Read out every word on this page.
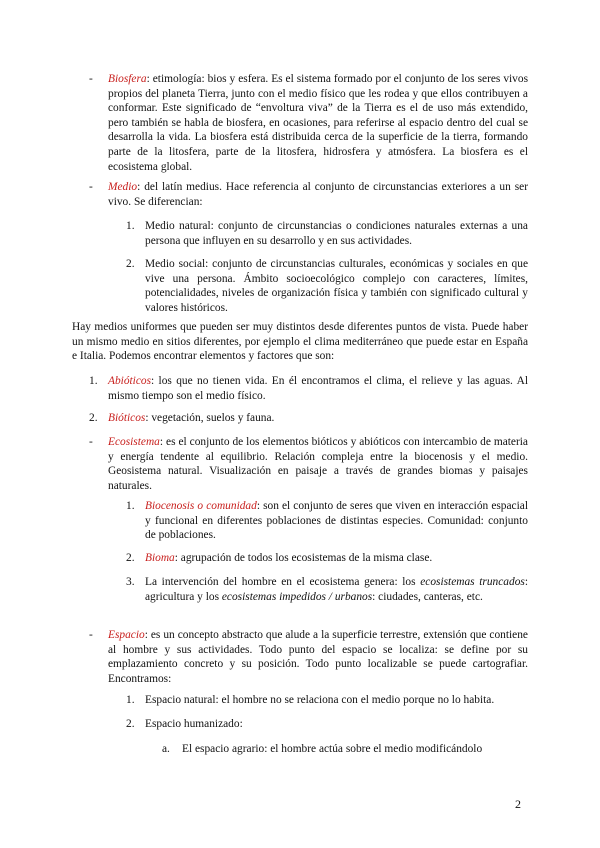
- Biosfera: etimología: bios y esfera. Es el sistema formado por el conjunto de los seres vivos propios del planeta Tierra, junto con el medio físico que les rodea y que ellos contribuyen a conformar. Este significado de “envoltura viva” de la Tierra es el de uso más extendido, pero también se habla de biosfera, en ocasiones, para referirse al espacio dentro del cual se desarrolla la vida. La biosfera está distribuida cerca de la superficie de la tierra, formando parte de la litosfera, parte de la litosfera, hidrosfera y atmósfera. La biosfera es el ecosistema global.
- Medio: del latín medius. Hace referencia al conjunto de circunstancias exteriores a un ser vivo. Se diferencian:
1. Medio natural: conjunto de circunstancias o condiciones naturales externas a una persona que influyen en su desarrollo y en sus actividades.
2. Medio social: conjunto de circunstancias culturales, económicas y sociales en que vive una persona. Ámbito socioecológico complejo con caracteres, límites, potencialidades, niveles de organización física y también con significado cultural y valores históricos.
Hay medios uniformes que pueden ser muy distintos desde diferentes puntos de vista. Puede haber un mismo medio en sitios diferentes, por ejemplo el clima mediterráneo que puede estar en España e Italia. Podemos encontrar elementos y factores que son:
1. Abióticos: los que no tienen vida. En él encontramos el clima, el relieve y las aguas. Al mismo tiempo son el medio físico.
2. Bióticos: vegetación, suelos y fauna.
- Ecosistema: es el conjunto de los elementos bióticos y abióticos con intercambio de materia y energía tendente al equilibrio. Relación compleja entre la biocenosis y el medio. Geosistema natural. Visualización en paisaje a través de grandes biomas y paisajes naturales.
1. Biocenosis o comunidad: son el conjunto de seres que viven en interacción espacial y funcional en diferentes poblaciones de distintas especies. Comunidad: conjunto de poblaciones.
2. Bioma: agrupación de todos los ecosistemas de la misma clase.
3. La intervención del hombre en el ecosistema genera: los ecosistemas truncados: agricultura y los ecosistemas impedidos / urbanos: ciudades, canteras, etc.
- Espacio: es un concepto abstracto que alude a la superficie terrestre, extensión que contiene al hombre y sus actividades. Todo punto del espacio se localiza: se define por su emplazamiento concreto y su posición. Todo punto localizable se puede cartografiar. Encontramos:
1. Espacio natural: el hombre no se relaciona con el medio porque no lo habita.
2. Espacio humanizado:
a. El espacio agrario: el hombre actúa sobre el medio modificándolo
2
